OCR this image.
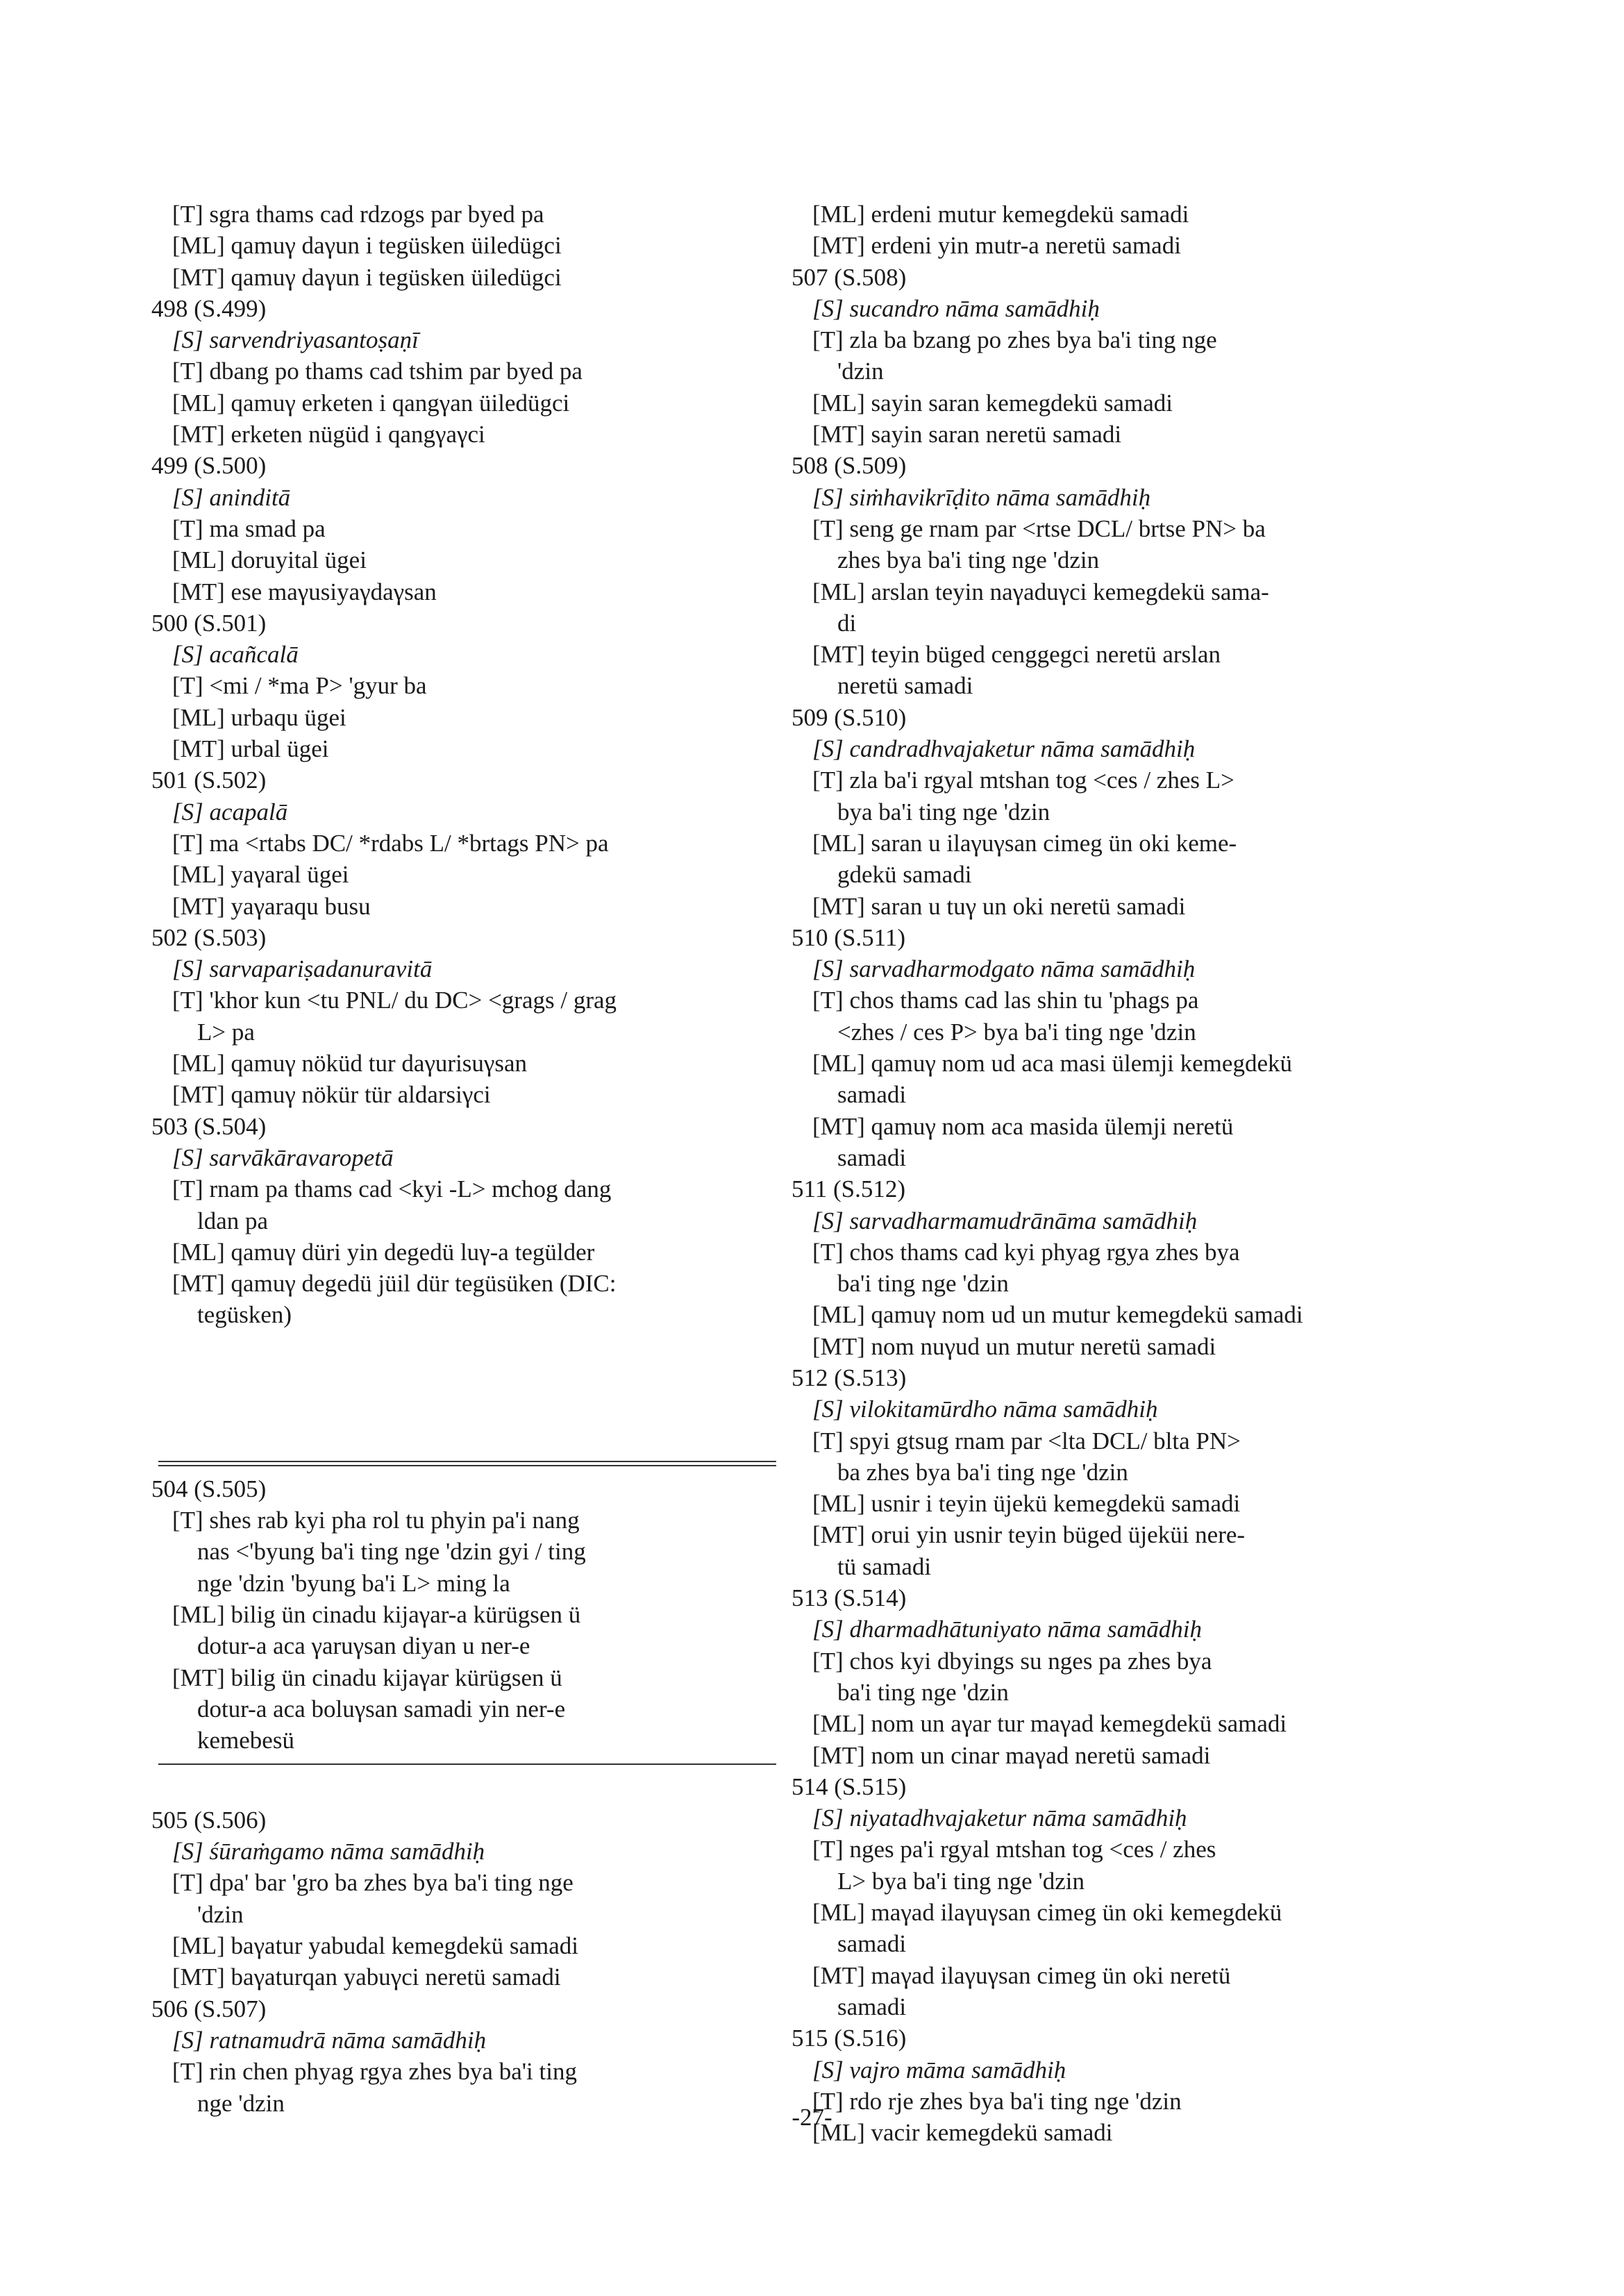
[T] sgra thams cad rdzogs par byed pa
[ML] qamuγ daγun i tegüsken üiledügci
[MT] qamuγ daγun i tegüsken üiledügci
498 (S.499)
[S] sarvendriyasantoṣaṇī
[T] dbang po thams cad tshim par byed pa
[ML] qamuγ erketen i qangγan üiledügci
[MT] erketen nügüd i qangγaγci
499 (S.500)
[S] aninditā
[T] ma smad pa
[ML] doruyital ügei
[MT] ese maγusiyaγdaγsan
500 (S.501)
[S] acañcalā
[T] <mi / *ma P> 'gyur ba
[ML] urbaqu ügei
[MT] urbal ügei
501 (S.502)
[S] acapalā
[T] ma <rtabs DC/ *rdabs L/ *brtags PN> pa
[ML] yaγaral ügei
[MT] yaγaraqu busu
502 (S.503)
[S] sarvapariṣadanuravitā
[T] 'khor kun <tu PNL/ du DC> <grags / grag
L> pa
[ML] qamuγ nöküd tur daγurisuγsan
[MT] qamuγ nökür tür aldarsiγci
503 (S.504)
[S] sarvākāravaropetā
[T] rnam pa thams cad <kyi -L> mchog dang
ldan pa
[ML] qamuγ düri yin degedü luγ-a tegülder
[MT] qamuγ degedü jüil dür tegüsüken (DIC:
tegüsken)
504 (S.505)
[T] shes rab kyi pha rol tu phyin pa'i nang
nas <'byung ba'i ting nge 'dzin gyi / ting
nge 'dzin 'byung ba'i L> ming la
[ML] bilig ün cinadu kijaγar-a kürügsen ü
dotur-a aca γaruγsan diyan u ner-e
[MT] bilig ün cinadu kijaγar kürügsen ü
dotur-a aca boluγsan samadi yin ner-e
kemebesü
505 (S.506)
[S] śūraṁgamo nāma samādhiḥ
[T] dpa' bar 'gro ba zhes bya ba'i ting nge
'dzin
[ML] baγatur yabudal kemegdekü samadi
[MT] baγaturqan yabuγci neretü samadi
506 (S.507)
[S] ratnamudrā nāma samādhiḥ
[T] rin chen phyag rgya zhes bya ba'i ting
nge 'dzin
[ML] erdeni mutur kemegdekü samadi
[MT] erdeni yin mutr-a neretü samadi
507 (S.508)
[S] sucandro nāma samādhiḥ
[T] zla ba bzang po zhes bya ba'i ting nge
'dzin
[ML] sayin saran kemegdekü samadi
[MT] sayin saran neretü samadi
508 (S.509)
[S] siṁhavikrīḍito nāma samādhiḥ
[T] seng ge rnam par <rtse DCL/ brtse PN> ba
zhes bya ba'i ting nge 'dzin
[ML] arslan teyin naγaduγci kemegdekü sama-
di
[MT] teyin büged cenggegci neretü arslan
neretü samadi
509 (S.510)
[S] candradhvajaketur nāma samādhiḥ
[T] zla ba'i rgyal mtshan tog <ces / zhes L>
bya ba'i ting nge 'dzin
[ML] saran u ilaγuγsan cimeg ün oki keme-
gdekü samadi
[MT] saran u tuγ un oki neretü samadi
510 (S.511)
[S] sarvadharmodgato nāma samādhiḥ
[T] chos thams cad las shin tu 'phags pa
<zhes / ces P> bya ba'i ting nge 'dzin
[ML] qamuγ nom ud aca masi ülemji kemegdekü
samadi
[MT] qamuγ nom aca masida ülemji neretü
samadi
511 (S.512)
[S] sarvadharmamudrānāma samādhiḥ
[T] chos thams cad kyi phyag rgya zhes bya
ba'i ting nge 'dzin
[ML] qamuγ nom ud un mutur kemegdekü samadi
[MT] nom nuγud un mutur neretü samadi
512 (S.513)
[S] vilokitamūrdho nāma samādhiḥ
[T] spyi gtsug rnam par <lta DCL/ blta PN>
ba zhes bya ba'i ting nge 'dzin
[ML] usnir i teyin üjekü kemegdekü samadi
[MT] orui yin usnir teyin büged üjeküi nere-
tü samadi
513 (S.514)
[S] dharmadhātuniyato nāma samādhiḥ
[T] chos kyi dbyings su nges pa zhes bya
ba'i ting nge 'dzin
[ML] nom un aγar tur maγad kemegdekü samadi
[MT] nom un cinar maγad neretü samadi
514 (S.515)
[S] niyatadhvajaketur nāma samādhiḥ
[T] nges pa'i rgyal mtshan tog <ces / zhes
L> bya ba'i ting nge 'dzin
[ML] maγad ilaγuγsan cimeg ün oki kemegdekü
samadi
[MT] maγad ilaγuγsan cimeg ün oki neretü
samadi
515 (S.516)
[S] vajro māma samādhiḥ
[T] rdo rje zhes bya ba'i ting nge 'dzin
[ML] vacir kemegdekü samadi
-27-
